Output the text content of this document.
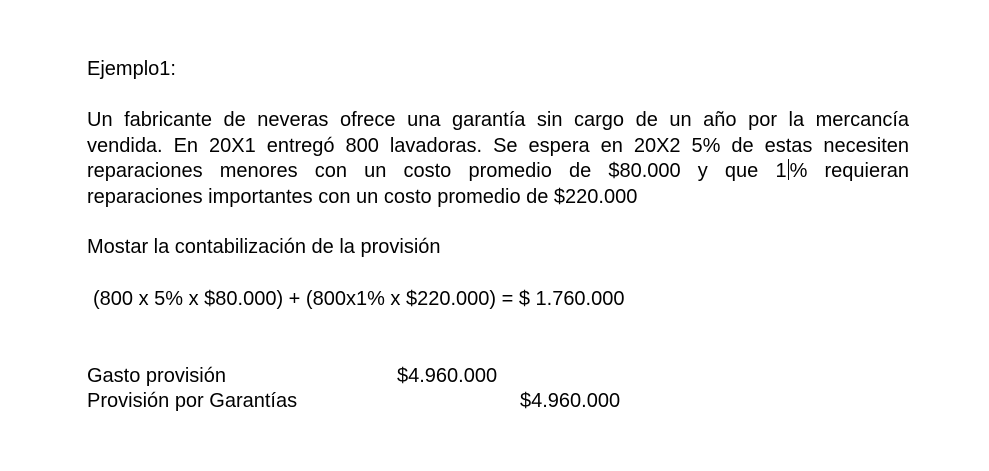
Ejemplo1:
Un fabricante de neveras ofrece una garantía sin cargo de un año por la mercancía
vendida. En 20X1 entregó 800 lavadoras. Se espera en 20X2 5% de estas necesiten
reparaciones menores con un costo promedio de $80.000 y que 1 % requieran
reparaciones importantes con un costo promedio de $220.000
Mostar la contabilización de la provisión
(800 x 5% x $80.000) + (800x1% x $220.000) = $ 1.760.000
Gasto provisión	$4.960.000
Provisión por Garantías	$4.960.000
